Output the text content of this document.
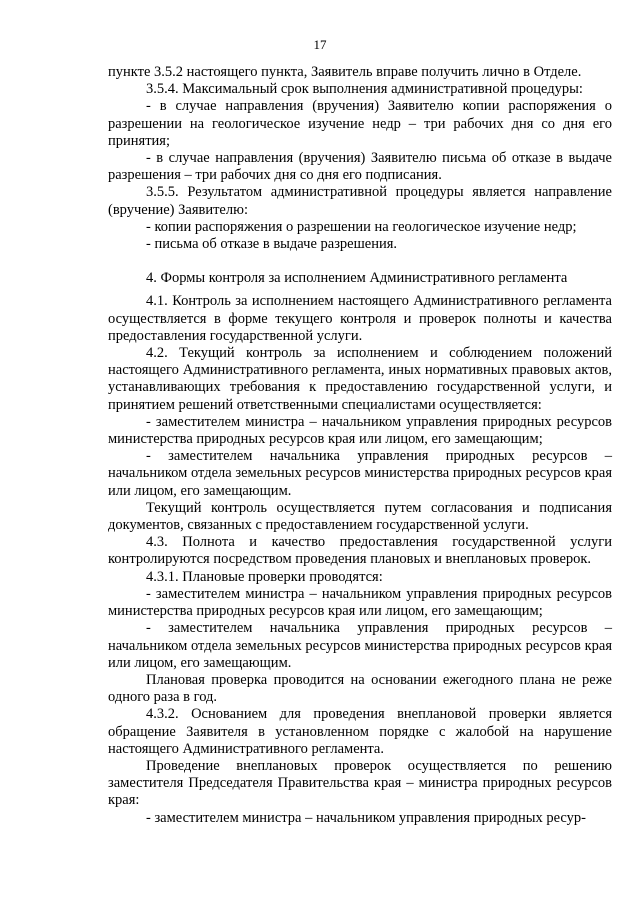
17

пункте 3.5.2 настоящего пункта, Заявитель вправе получить лично в Отделе.

3.5.4. Максимальный срок выполнения административной процедуры:

- в случае направления (вручения) Заявителю копии распоряжения о разрешении на геологическое изучение недр – три рабочих дня со дня его принятия;

- в случае направления (вручения) Заявителю письма об отказе в выдаче разрешения – три рабочих дня со дня его подписания.

3.5.5. Результатом административной процедуры является направление (вручение) Заявителю:

- копии распоряжения о разрешении на геологическое изучение недр;

- письма об отказе в выдаче разрешения.

4. Формы контроля за исполнением Административного регламента

4.1. Контроль за исполнением настоящего Административного регламента осуществляется в форме текущего контроля и проверок полноты и качества предоставления государственной услуги.

4.2. Текущий контроль за исполнением и соблюдением положений настоящего Административного регламента, иных нормативных правовых актов, устанавливающих требования к предоставлению государственной услуги, и принятием решений ответственными специалистами осуществляется:

- заместителем министра – начальником управления природных ресурсов министерства природных ресурсов края или лицом, его замещающим;

- заместителем начальника управления природных ресурсов – начальником отдела земельных ресурсов министерства природных ресурсов края или лицом, его замещающим.

Текущий контроль осуществляется путем согласования и подписания документов, связанных с предоставлением государственной услуги.

4.3. Полнота и качество предоставления государственной услуги контролируются посредством проведения плановых и внеплановых проверок.

4.3.1. Плановые проверки проводятся:

- заместителем министра – начальником управления природных ресурсов министерства природных ресурсов края или лицом, его замещающим;

- заместителем начальника управления природных ресурсов – начальником отдела земельных ресурсов министерства природных ресурсов края или лицом, его замещающим.

Плановая проверка проводится на основании ежегодного плана не реже одного раза в год.

4.3.2. Основанием для проведения внеплановой проверки является обращение Заявителя в установленном порядке с жалобой на нарушение настоящего Административного регламента.

Проведение внеплановых проверок осуществляется по решению заместителя Председателя Правительства края – министра природных ресурсов края:

- заместителем министра – начальником управления природных ресур-
